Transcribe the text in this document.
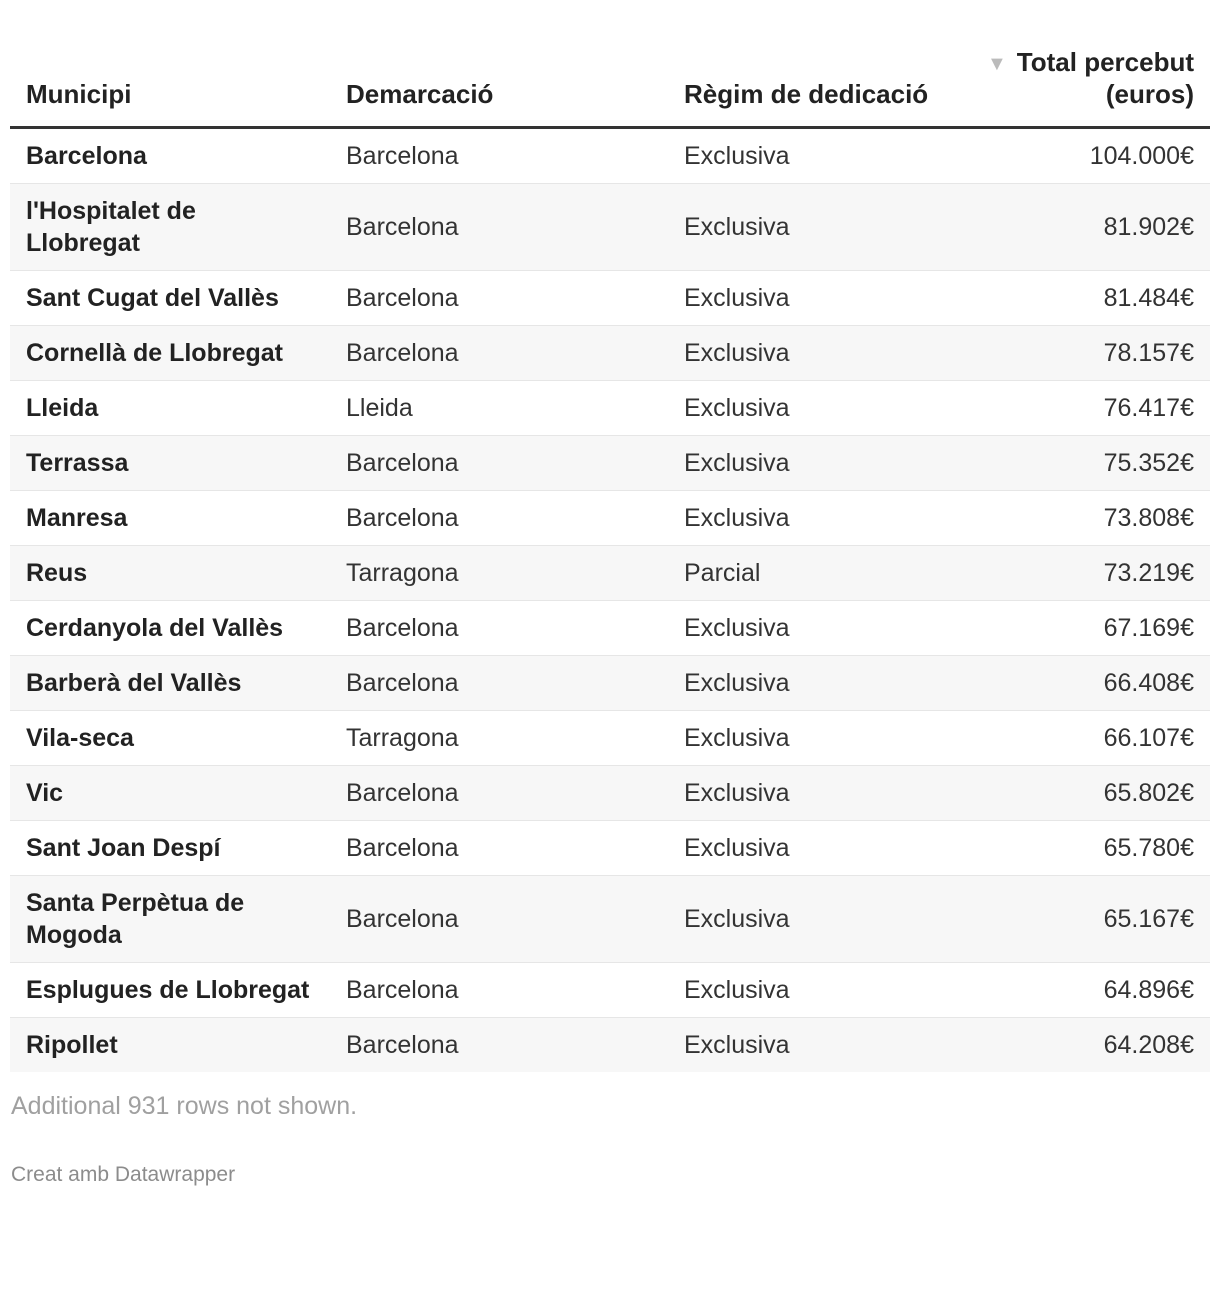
Municipi	Demarcació	Règim de dedicació	▼ Total percebut (euros)
Barcelona	Barcelona	Exclusiva	104.000€
l'Hospitalet de Llobregat	Barcelona	Exclusiva	81.902€
Sant Cugat del Vallès	Barcelona	Exclusiva	81.484€
Cornellà de Llobregat	Barcelona	Exclusiva	78.157€
Lleida	Lleida	Exclusiva	76.417€
Terrassa	Barcelona	Exclusiva	75.352€
Manresa	Barcelona	Exclusiva	73.808€
Reus	Tarragona	Parcial	73.219€
Cerdanyola del Vallès	Barcelona	Exclusiva	67.169€
Barberà del Vallès	Barcelona	Exclusiva	66.408€
Vila-seca	Tarragona	Exclusiva	66.107€
Vic	Barcelona	Exclusiva	65.802€
Sant Joan Despí	Barcelona	Exclusiva	65.780€
Santa Perpètua de Mogoda	Barcelona	Exclusiva	65.167€
Esplugues de Llobregat	Barcelona	Exclusiva	64.896€
Ripollet	Barcelona	Exclusiva	64.208€
Additional 931 rows not shown.
Creat amb Datawrapper
